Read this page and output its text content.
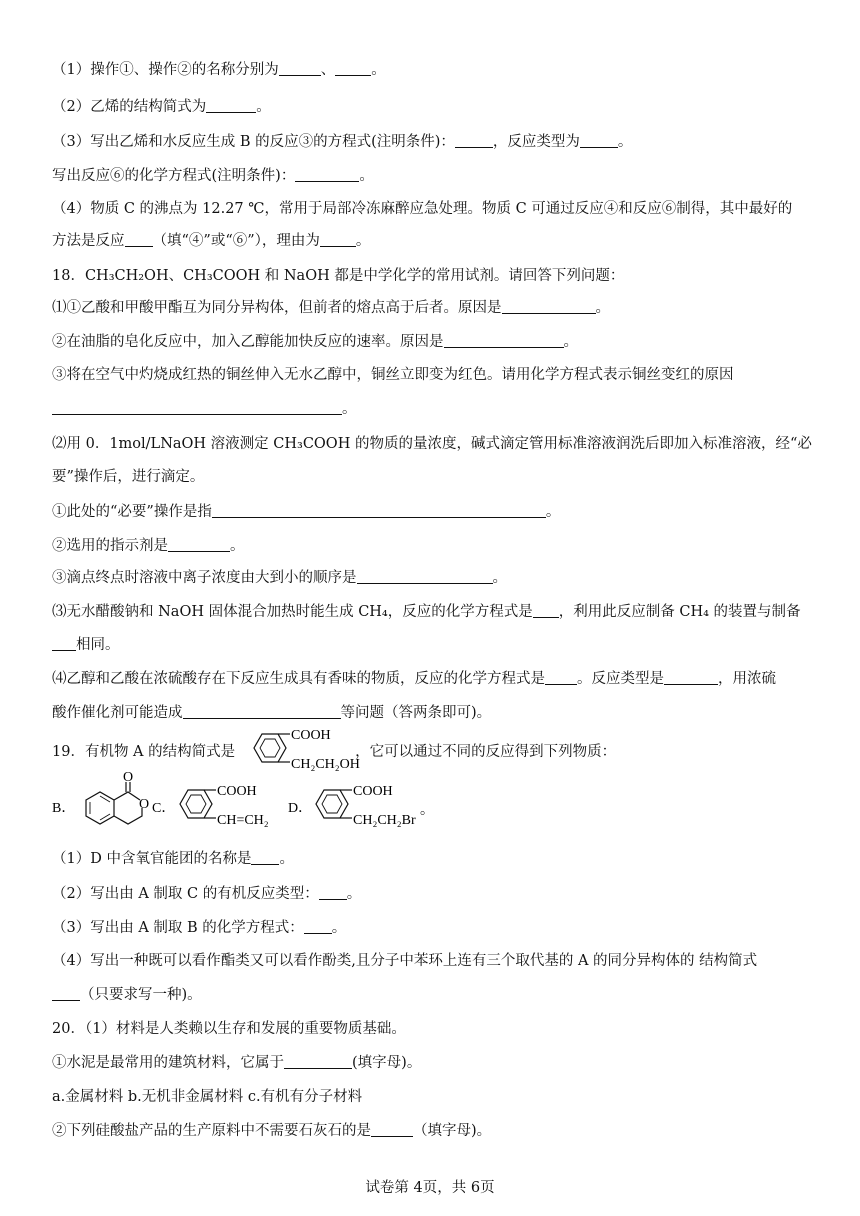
（1）操作①、操作②的名称分别为	、 。
（2）乙烯的结构简式为	。
（3）写出乙烯和水反应生成 B 的反应③的方程式(注明条件)：	，反应类型为	。
写出反应⑥的化学方程式(注明条件)：	。
（4）物质 C 的沸点为 12.27 ℃，常用于局部冷冻麻醉应急处理。物质 C 可通过反应④和反应⑥制得，其中最好的
方法是反应 （填“④”或“⑥”），理由为 。
18．CH₃CH₂OH、CH₃COOH 和 NaOH 都是中学化学的常用试剂。请回答下列问题：
⑴①乙酸和甲酸甲酯互为同分异构体，但前者的熔点高于后者。原因是	。
②在油脂的皂化反应中，加入乙醇能加快反应的速率。原因是	。
③将在空气中灼烧成红热的铜丝伸入无水乙醇中，铜丝立即变为红色。请用化学方程式表示铜丝变红的原因
。
⑵用 0．1mol/LNaOH 溶液测定 CH₃COOH 的物质的量浓度，碱式滴定管用标准溶液润洗后即加入标准溶液，经“必
要”操作后，进行滴定。
①此处的“必要”操作是指	。
②选用的指示剂是	。
③滴点终点时溶液中离子浓度由大到小的顺序是	。
⑶无水醋酸钠和 NaOH 固体混合加热时能生成 CH₄，反应的化学方程式是 ，利用此反应制备 CH₄ 的装置与制备
相同。
⑷乙醇和乙酸在浓硫酸存在下反应生成具有香味的物质，反应的化学方程式是 。反应类型是	，用浓硫
酸作催化剂可能造成	等问题（答两条即可)。
19．有机物 A 的结构简式是	，它可以通过不同的反应得到下列物质：
COOH
CH₂CH₂OH
B．
O
O C．
COOH
CH=CH₂
D．
COOH
CH₂CH₂Br
。
（1）D 中含氧官能团的名称是 。
（2）写出由 A 制取 C 的有机反应类型： 。
（3）写出由 A 制取 B 的化学方程式： 。
（4）写出一种既可以看作酯类又可以看作酚类,且分子中苯环上连有三个取代基的 A 的同分异构体的 结构简式
（只要求写一种)。
20．（1）材料是人类赖以生存和发展的重要物质基础。
①水泥是最常用的建筑材料，它属于	(填字母)。
a.金属材料 b.无机非金属材料 c.有机有分子材料
②下列硅酸盐产品的生产原料中不需要石灰石的是	（填字母)。
试卷第 4页，共 6页
